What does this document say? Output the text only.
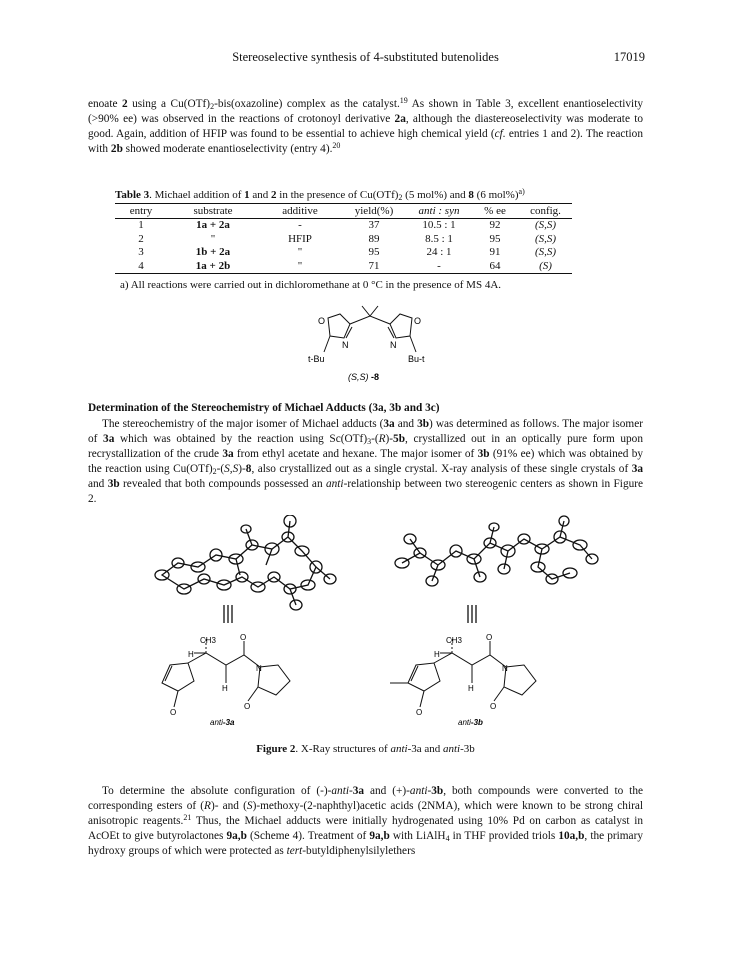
Stereoselective synthesis of 4-substituted butenolides	17019

enoate 2 using a $Cu(OTf)_2-bis(oxazoline)$ complex as the catalyst.$^{19}$ As shown in Table 3, excellent enantioselectivity (>90% ee) was observed in the reactions of crotonoyl derivative 2a, although the diastereoselectivity was moderate to good. Again, addition of HFIP was found to be essential to achieve high chemical yield (cf. entries 1 and 2). The reaction with 2b showed moderate enantioselectivity (entry 4).$^{20}$

Table 3. Michael addition of 1 and 2 in the presence of $Cu(OTf)_2$ (5 mol%) and 8 (6 mol%)$^{a)}$
entry	substrate	additive	yield(%)	anti : syn	% ee	config.
1	1a + 2a	-	37	10.5 : 1	92	(S,S)
2	"	HFIP	89	8.5 : 1	95	(S,S)
3	1b + 2a	"	95	24 : 1	91	(S,S)
4	1a + 2b	"	71	-	64	(S)
a) All reactions were carried out in dichloromethane at 0 °C in the presence of MS 4A.
O	O
N	N
t-Bu	Bu-t
(S,S) -8
Determination of the Stereochemistry of Michael Adducts (3a, 3b and 3c)

The stereochemistry of the major isomer of Michael adducts (3a and 3b) was determined as follows. The major isomer of 3a which was obtained by the reaction using $Sc(OTf)_3-(R)-5b$, crystallized out in an optically pure form upon recrystallization of the crude 3a from ethyl acetate and hexane. The major isomer of 3b (91% ee) which was obtained by the reaction using $Cu(OTf)_2-(S,S)-8$, also crystallized out as a single crystal. X-ray analysis of these single crystals of 3a and 3b revealed that both compounds possessed an anti-relationship between two stereogenic centers as shown in Figure 2.

CH3
H
H
O
N
O
O
anti-3a
CH3
H
H
O
N
O
O
anti-3b
Figure 2. X-Ray structures of anti-3a and anti-3b

To determine the absolute configuration of (-)-anti-3a and (+)-anti-3b, both compounds were converted to the corresponding esters of (R)- and (S)-methoxy-(2-naphthyl)acetic acids (2NMA), which were known to be strong chiral anisotropic reagents.$^{21}$ Thus, the Michael adducts were initially hydrogenated using 10% Pd on carbon as catalyst in AcOEt to give butyrolactones 9a,b (Scheme 4). Treatment of 9a,b with LiAlH$_4$ in THF provided triols 10a,b, the primary hydroxy groups of which were protected as tert-butyldiphenylsilylethers
